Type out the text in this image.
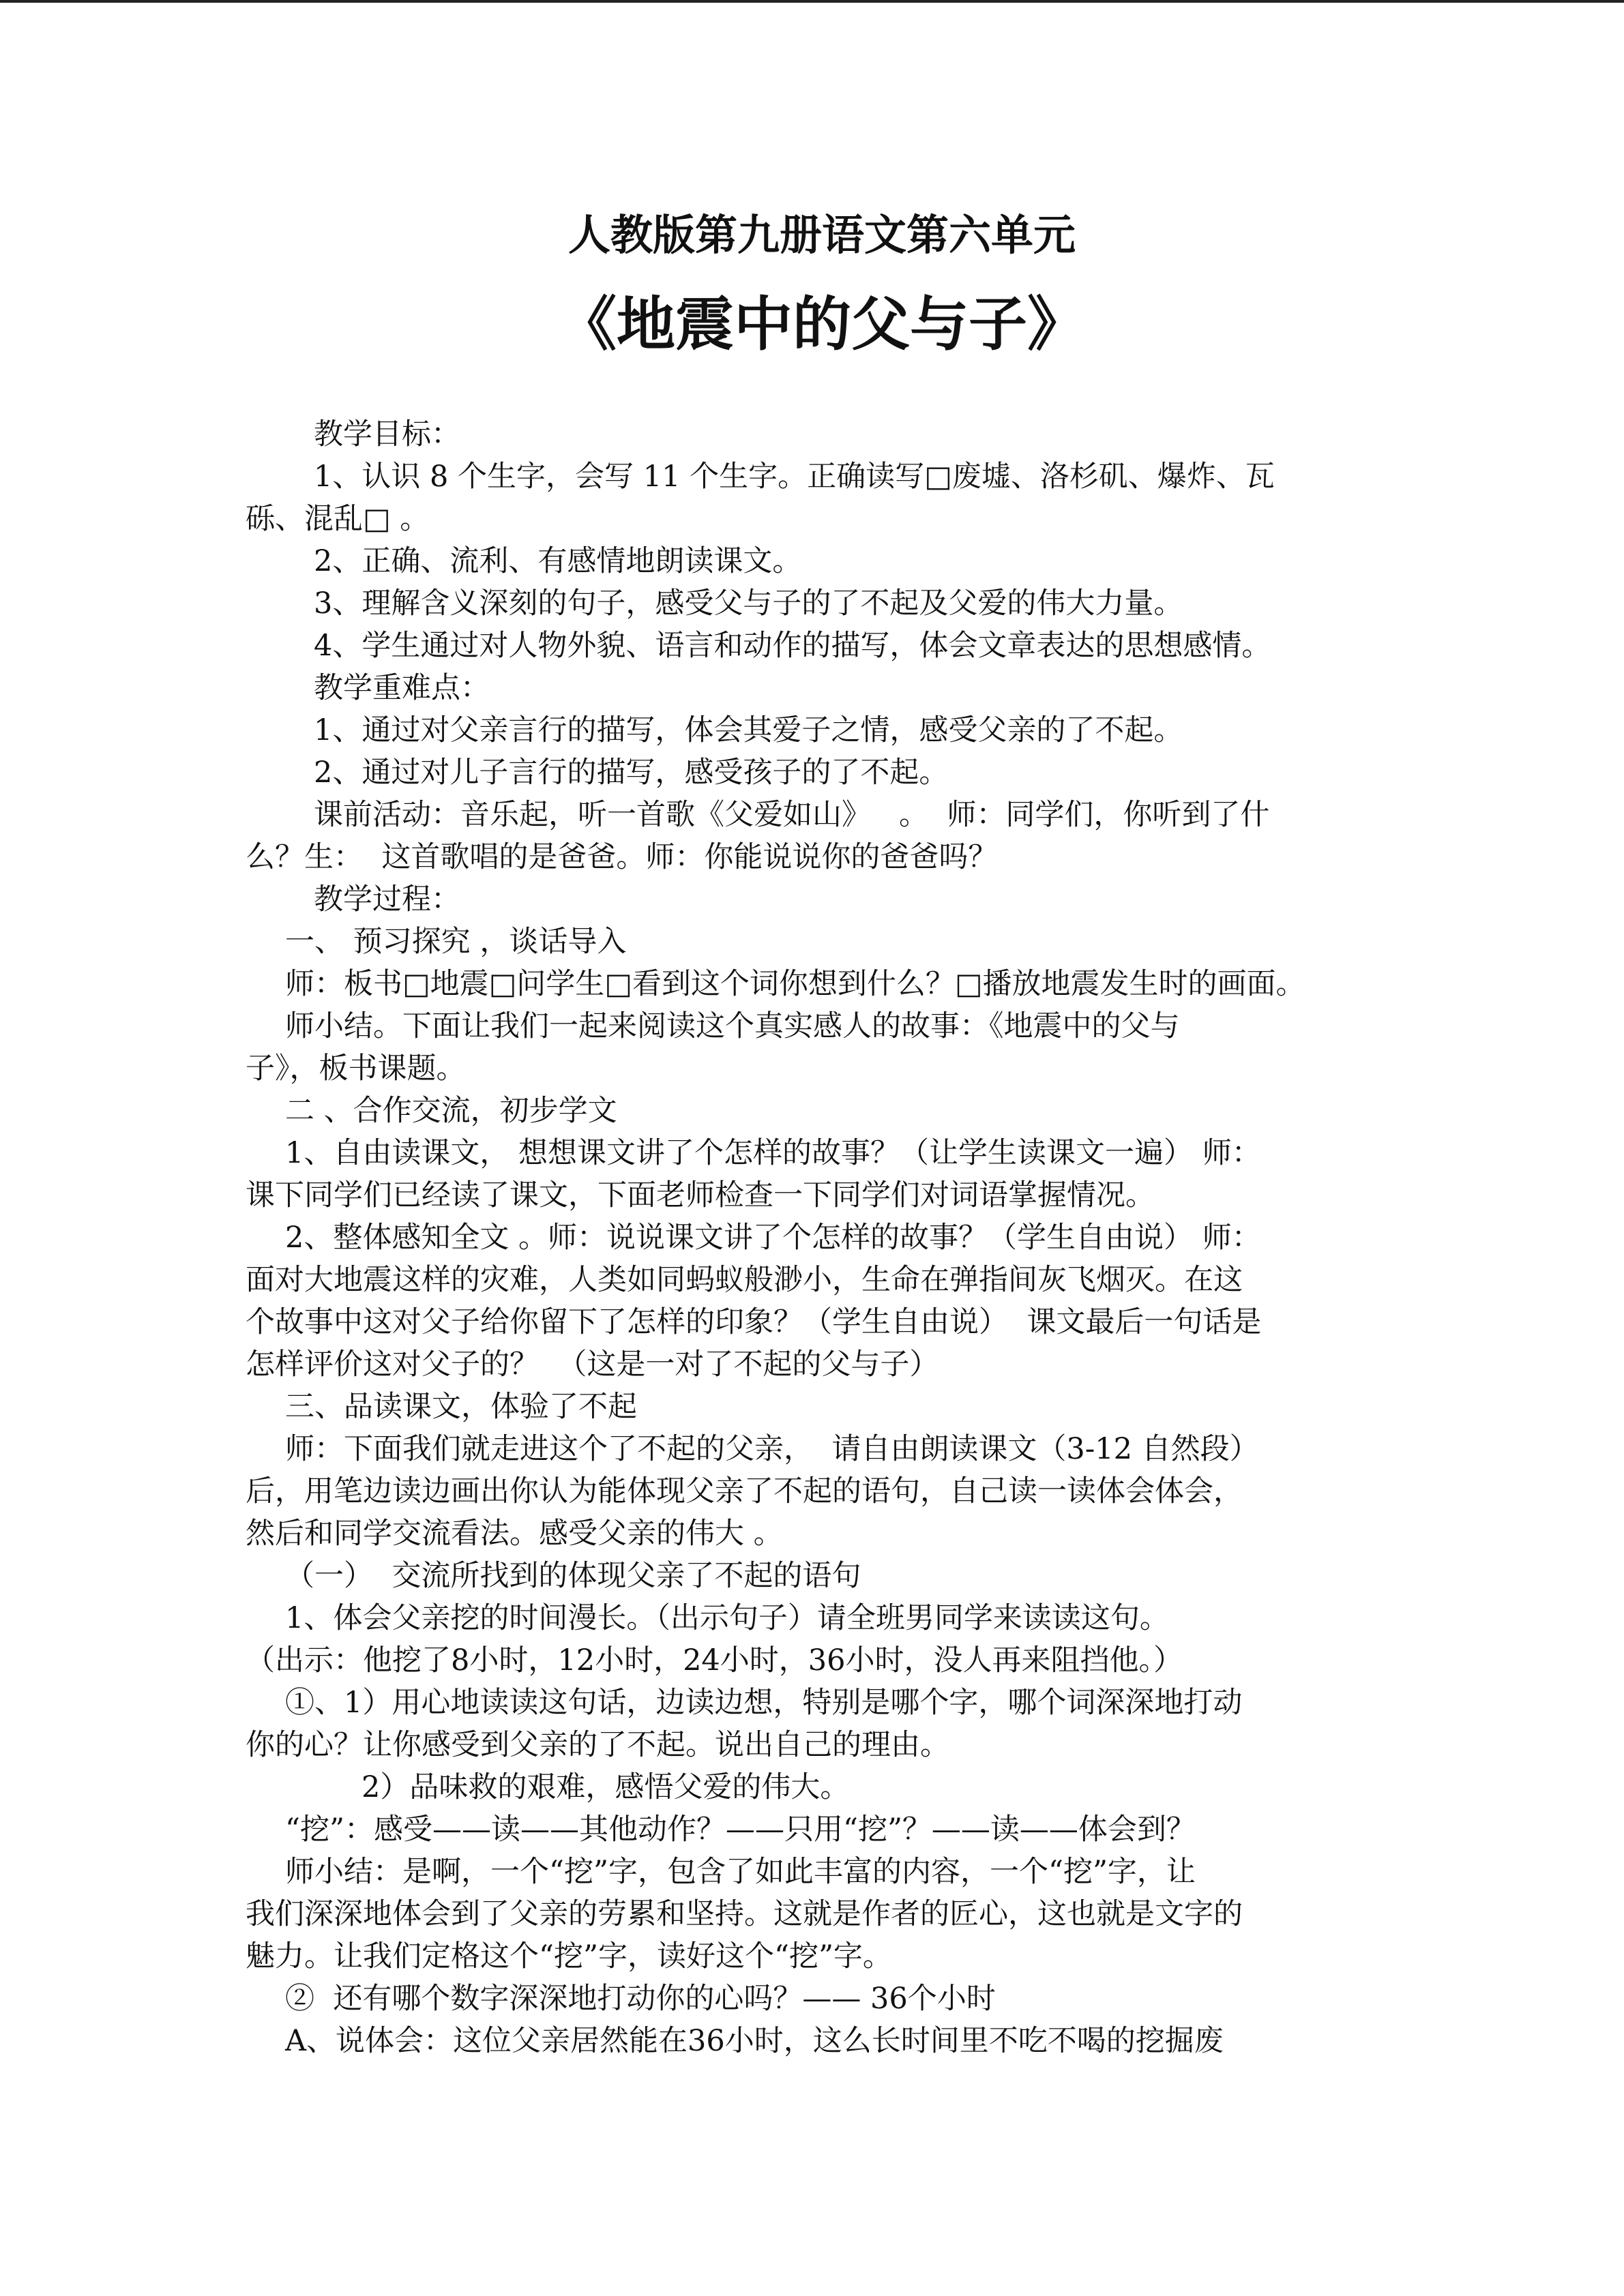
人教版第九册语文第六单元
《地震中的父与子》
教学目标：
1、认识 8 个生字，会写 11 个生字。正确读写□废墟、洛杉矶、爆炸、瓦
砾、混乱□ 。
2、正确、流利、有感情地朗读课文。
3、理解含义深刻的句子，感受父与子的了不起及父爱的伟大力量。
4、学生通过对人物外貌、语言和动作的描写，体会文章表达的思想感情。
教学重难点：
1、通过对父亲言行的描写，体会其爱子之情，感受父亲的了不起。
2、通过对儿子言行的描写，感受孩子的了不起。
课前活动：音乐起，听一首歌《父爱如山》   。  师：同学们，你听到了什
么？生：  这首歌唱的是爸爸。师：你能说说你的爸爸吗？
教学过程：
一、 预习探究 ，谈话导入
师：板书□地震□问学生□看到这个词你想到什么？□播放地震发生时的画面。
师小结。下面让我们一起来阅读这个真实感人的故事：《地震中的父与
子》，板书课题。
二 、合作交流，初步学文
1、自由读课文， 想想课文讲了个怎样的故事？（让学生读课文一遍） 师：
课下同学们已经读了课文，下面老师检查一下同学们对词语掌握情况。
2、整体感知全文 。师：说说课文讲了个怎样的故事？（学生自由说） 师：
面对大地震这样的灾难，人类如同蚂蚁般渺小，生命在弹指间灰飞烟灭。在这
个故事中这对父子给你留下了怎样的印象？（学生自由说）  课文最后一句话是
怎样评价这对父子的？  （这是一对了不起的父与子）
三、品读课文，体验了不起
师：下面我们就走进这个了不起的父亲，  请自由朗读课文（3-12 自然段）
后，用笔边读边画出你认为能体现父亲了不起的语句，自己读一读体会体会，
然后和同学交流看法。感受父亲的伟大 。
（一）  交流所找到的体现父亲了不起的语句
1、体会父亲挖的时间漫长。（出示句子）请全班男同学来读读这句。
（出示：他挖了8小时，12小时，24小时，36小时，没人再来阻挡他。）
①、1）用心地读读这句话，边读边想，特别是哪个字，哪个词深深地打动
你的心？让你感受到父亲的了不起。说出自己的理由。
2）品味救的艰难，感悟父爱的伟大。
“挖”：感受——读——其他动作？——只用“挖”？——读——体会到？
师小结：是啊，一个“挖”字，包含了如此丰富的内容，一个“挖”字，让
我们深深地体会到了父亲的劳累和坚持。这就是作者的匠心，这也就是文字的
魅力。让我们定格这个“挖”字，读好这个“挖”字。
②  还有哪个数字深深地打动你的心吗？—— 36个小时
A、说体会：这位父亲居然能在36小时，这么长时间里不吃不喝的挖掘废
